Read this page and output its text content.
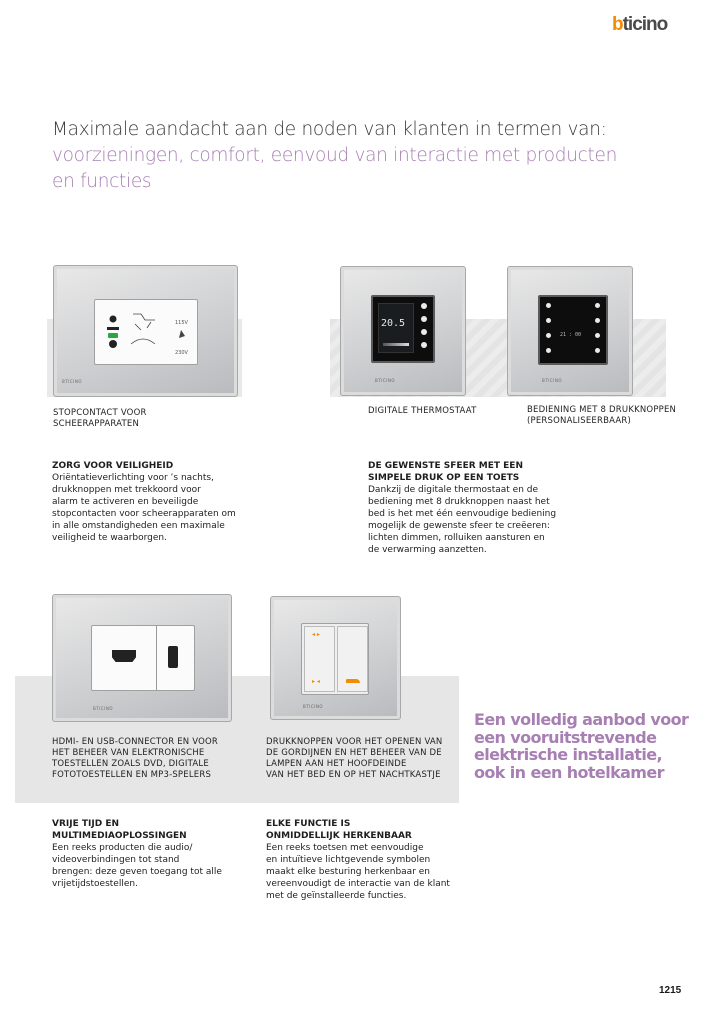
bticino
Maximale aandacht aan de noden van klanten in termen van:
voorzieningen, comfort, eenvoud van interactie met producten
en functies
115V
230V
BTICINO
20.5
BTICINO
21 : 00
BTICINO
STOPCONTACT VOOR
SCHEERAPPARATEN
DIGITALE THERMOSTAAT	BEDIENING MET 8 DRUKKNOPPEN
(PERSONALISEERBAAR)
ZORG VOOR VEILIGHEID
Oriëntatieverlichting voor ’s nachts,
drukknoppen met trekkoord voor
alarm te activeren en beveiligde
stopcontacten voor scheerapparaten om
in alle omstandigheden een maximale
veiligheid te waarborgen.
DE GEWENSTE SFEER MET EEN
SIMPELE DRUK OP EEN TOETS
Dankzij de digitale thermostaat en de
bediening met 8 drukknoppen naast het
bed is het met één eenvoudige bediening
mogelijk de gewenste sfeer te creëeren:
lichten dimmen, rolluiken aansturen en
de verwarming aanzetten.
BTICINO
◂ ▸
▸ ◂
BTICINO
HDMI- EN USB-CONNECTOR EN VOOR
HET BEHEER VAN ELEKTRONISCHE
TOESTELLEN ZOALS DVD, DIGITALE
FOTOTOESTELLEN EN MP3-SPELERS
DRUKKNOPPEN VOOR HET OPENEN VAN
DE GORDIJNEN EN HET BEHEER VAN DE
LAMPEN AAN HET HOOFDEINDE
VAN HET BED EN OP HET NACHTKASTJE
Een volledig aanbod voor
een vooruitstrevende
elektrische installatie,
ook in een hotelkamer
VRIJE TIJD EN
MULTIMEDIAOPLOSSINGEN
Een reeks producten die audio/
videoverbindingen tot stand
brengen: deze geven toegang tot alle
vrijetijdstoestellen.
ELKE FUNCTIE IS
ONMIDDELLIJK HERKENBAAR
Een reeks toetsen met eenvoudige
en intuïtieve lichtgevende symbolen
maakt elke besturing herkenbaar en
vereenvoudigt de interactie van de klant
met de geïnstalleerde functies.
1215
